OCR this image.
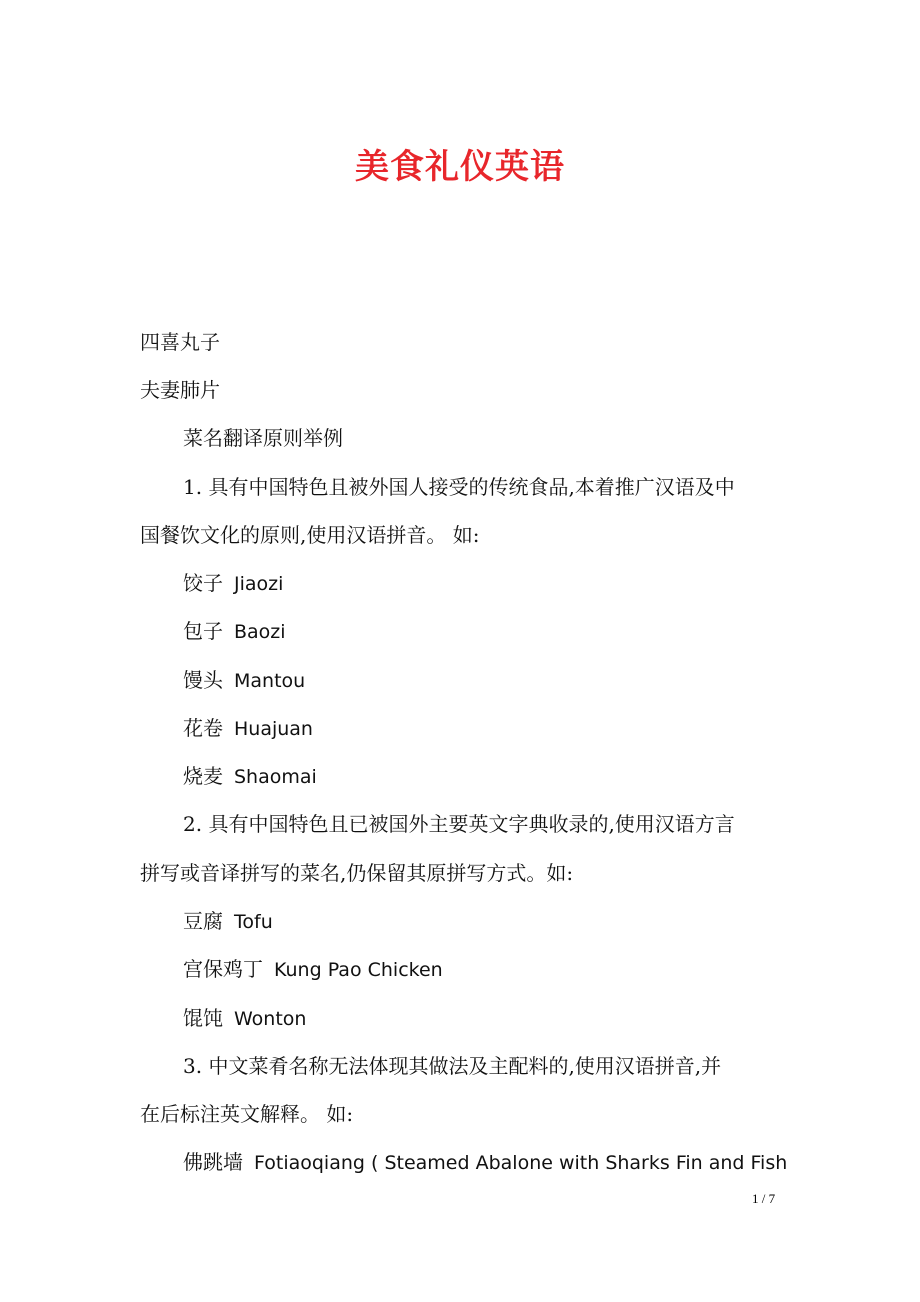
美食礼仪英语
四喜丸子
夫妻肺片
菜名翻译原则举例
1. 具有中国特色且被外国人接受的传统食品,本着推广汉语及中
国餐饮文化的原则,使用汉语拼音。 如:
饺子 Jiaozi
包子 Baozi
馒头 Mantou
花卷 Huajuan
烧麦 Shaomai
2. 具有中国特色且已被国外主要英文字典收录的,使用汉语方言
拼写或音译拼写的菜名,仍保留其原拼写方式。如:
豆腐 Tofu
宫保鸡丁 Kung Pao Chicken
馄饨 Wonton
3. 中文菜肴名称无法体现其做法及主配料的,使用汉语拼音,并
在后标注英文解释。 如:
佛跳墙 Fotiaoqiang ( Steamed Abalone with Sharks Fin and Fish
1 / 7
